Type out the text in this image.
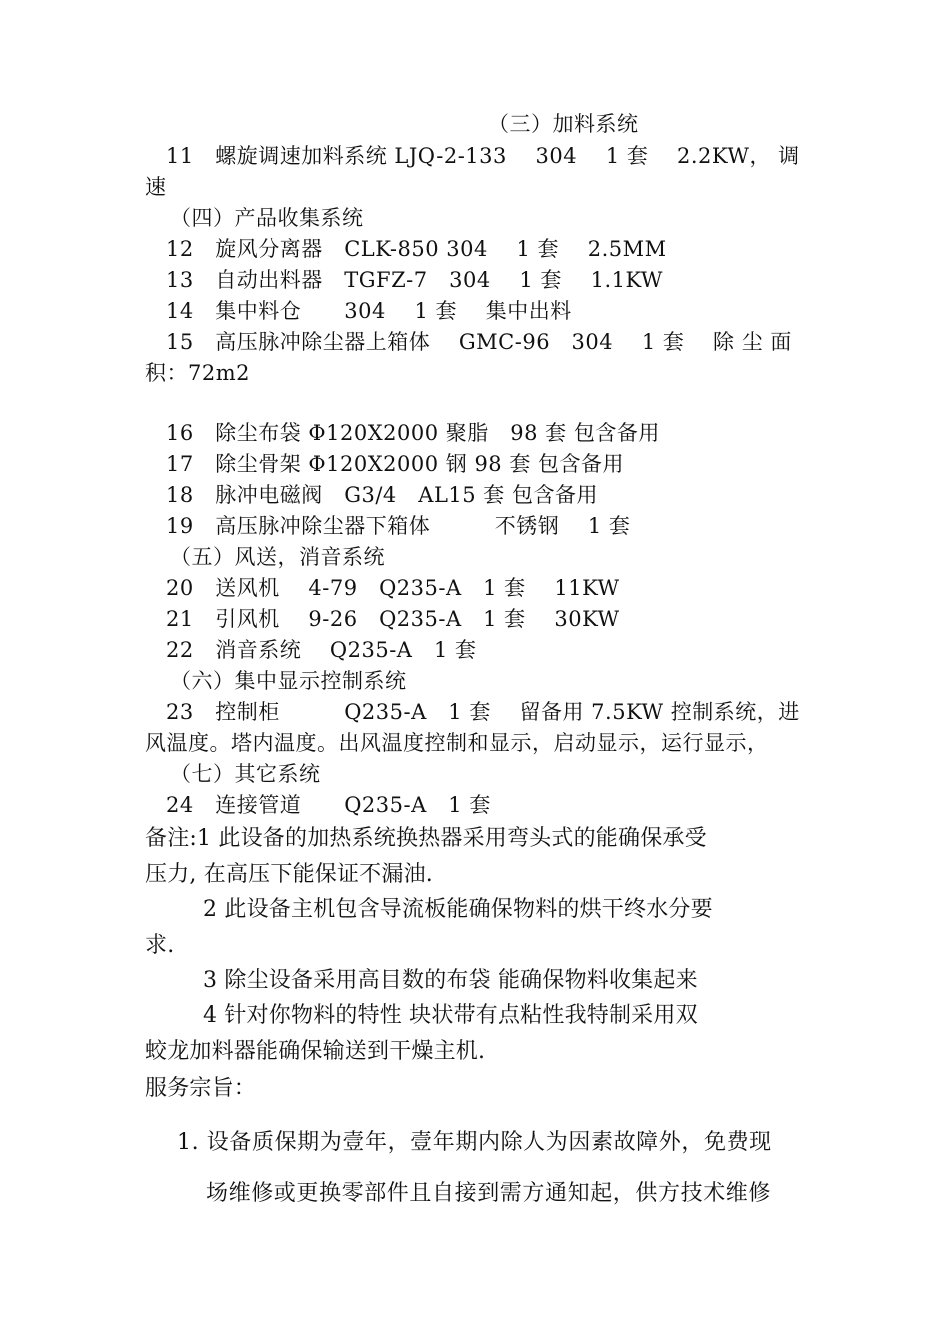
（三）加料系统
11　螺旋调速加料系统 LJQ-2-133　 304　 1 套　 2.2KW， 调
速
（四）产品收集系统
12　旋风分离器　CLK-850 304　 1 套　 2.5MM
13　自动出料器　TGFZ-7　304　 1 套　 1.1KW
14　集中料仓　　304　 1 套　 集中出料
15　高压脉冲除尘器上箱体　 GMC-96　304　 1 套　 除 尘 面
积：72m2
16　除尘布袋 Φ120X2000 聚脂　98 套 包含备用
17　除尘骨架 Φ120X2000 钢 98 套 包含备用
18　脉冲电磁阀　G3/4　AL15 套 包含备用
19　高压脉冲除尘器下箱体　　　不锈钢　 1 套
（五）风送，消音系统
20　送风机　 4-79　Q235-A　1 套　 11KW
21　引风机　 9-26　Q235-A　1 套　 30KW
22　消音系统　 Q235-A　1 套
（六）集中显示控制系统
23　控制柜　　　Q235-A　1 套　 留备用 7.5KW 控制系统，进
风温度。塔内温度。出风温度控制和显示，启动显示，运行显示，
（七）其它系统
24　连接管道　　Q235-A　1 套
备注:1 此设备的加热系统换热器采用弯头式的能确保承受
压力, 在高压下能保证不漏油.
2 此设备主机包含导流板能确保物料的烘干终水分要
求.
3 除尘设备采用高目数的布袋 能确保物料收集起来
4 针对你物料的特性 块状带有点粘性我特制采用双
蛟龙加料器能确保输送到干燥主机.
服务宗旨：
1. 设备质保期为壹年，壹年期内除人为因素故障外，免费现
场维修或更换零部件且自接到需方通知起，供方技术维修
